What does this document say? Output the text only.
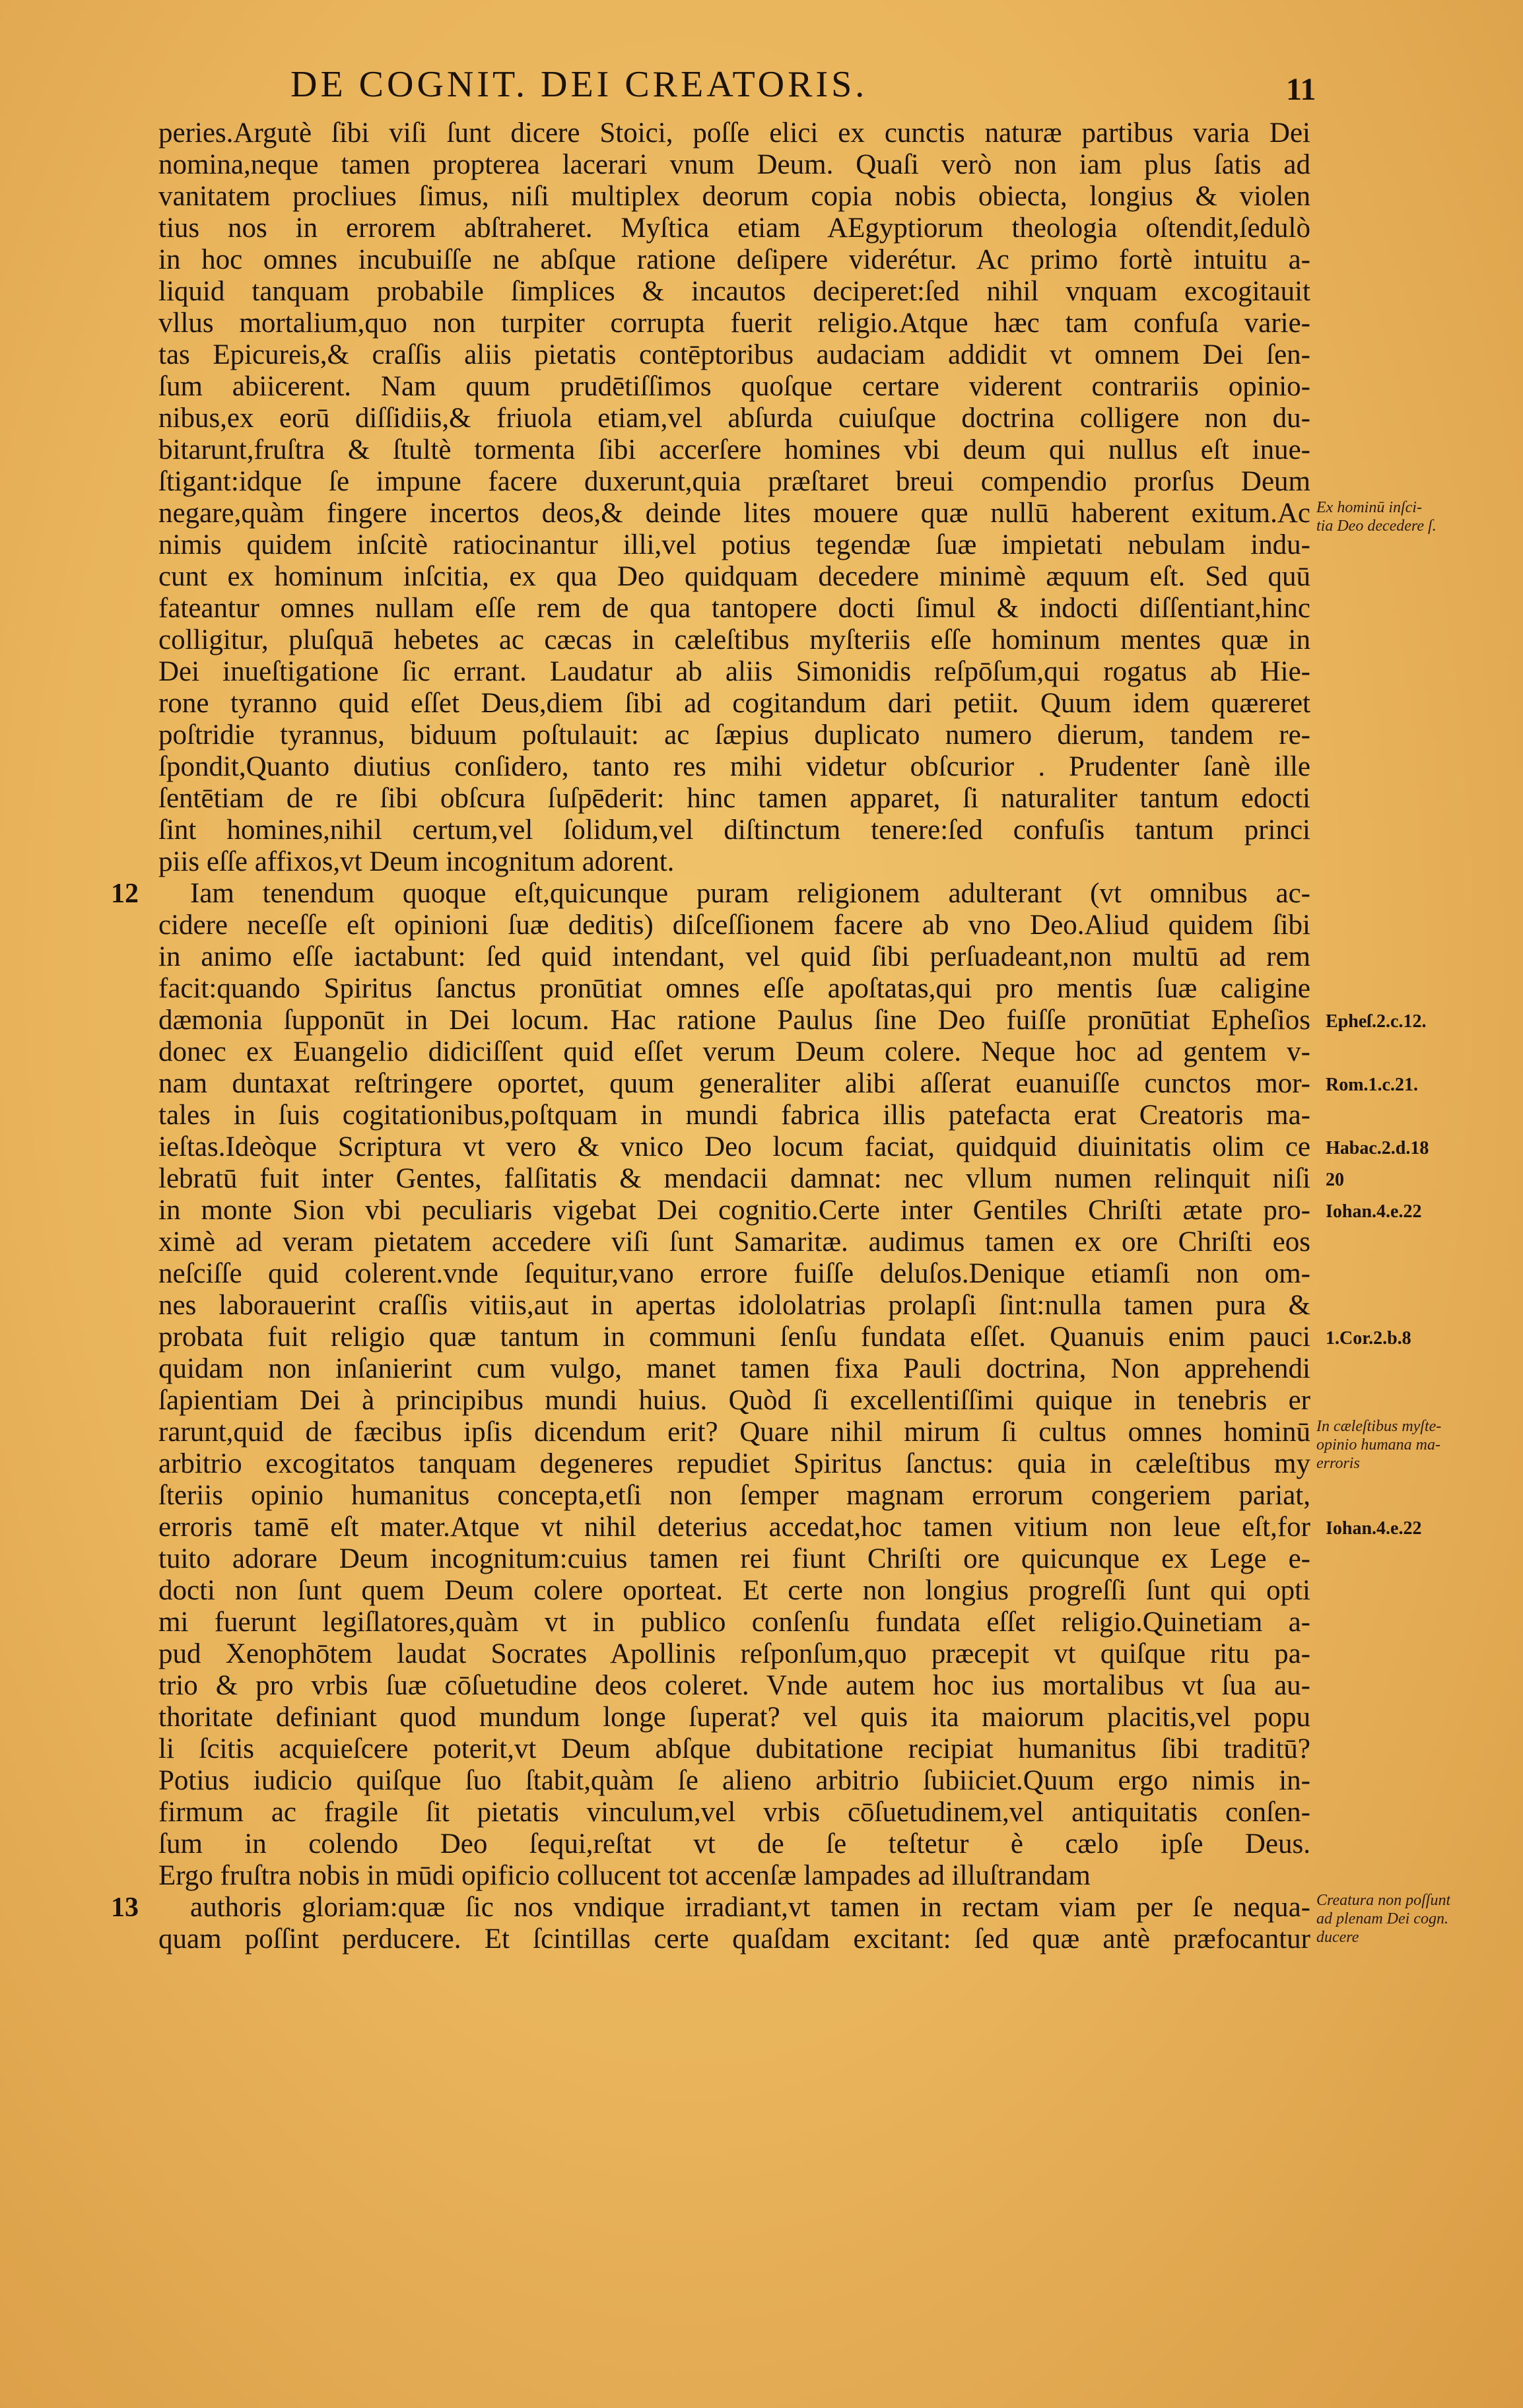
DE COGNIT. DEI CREATORIS.	11
peries.Argutè ſibi viſi ſunt dicere Stoici, poſſe elici ex cunctis naturæ partibus varia Dei
nomina,neque tamen propterea lacerari vnum Deum. Quaſi verò non iam plus ſatis ad
vanitatem procliues ſimus, niſi multiplex deorum copia nobis obiecta, longius & violen
tius nos in errorem abſtraheret. Myſtica etiam AEgyptiorum theologia oſtendit,ſedulò
in hoc omnes incubuiſſe ne abſque ratione deſipere viderétur. Ac primo fortè intuitu a-
liquid tanquam probabile ſimplices & incautos deciperet:ſed nihil vnquam excogitauit
vllus mortalium,quo non turpiter corrupta fuerit religio.Atque hæc tam confuſa varie-
tas Epicureis,& craſſis aliis pietatis contēptoribus audaciam addidit vt omnem Dei ſen-
ſum abiicerent. Nam quum prudētiſſimos quoſque certare viderent contrariis opinio-
nibus,ex eorū diſſidiis,& friuola etiam,vel abſurda cuiuſque doctrina colligere non du-
bitarunt,fruſtra & ſtultè tormenta ſibi accerſere homines vbi deum qui nullus eſt inue-
ſtigant:idque ſe impune facere duxerunt,quia præſtaret breui compendio prorſus Deum
negare,quàm fingere incertos deos,& deinde lites mouere quæ nullū haberent exitum.Ac
nimis quidem inſcitè ratiocinantur illi,vel potius tegendæ ſuæ impietati nebulam indu-
cunt ex hominum inſcitia, ex qua Deo quidquam decedere minimè æquum eſt. Sed quū
fateantur omnes nullam eſſe rem de qua tantopere docti ſimul & indocti diſſentiant,hinc
colligitur, pluſquā hebetes ac cæcas in cæleſtibus myſteriis eſſe hominum mentes quæ in
Dei inueſtigatione ſic errant. Laudatur ab aliis Simonidis reſpōſum,qui rogatus ab Hie-
rone tyranno quid eſſet Deus,diem ſibi ad cogitandum dari petiit. Quum idem quæreret
poſtridie tyrannus, biduum poſtulauit: ac ſæpius duplicato numero dierum, tandem re-
ſpondit,Quanto diutius conſidero, tanto res mihi videtur obſcurior . Prudenter ſanè ille
ſentētiam de re ſibi obſcura ſuſpēderit: hinc tamen apparet, ſi naturaliter tantum edocti
ſint homines,nihil certum,vel ſolidum,vel diſtinctum tenere:ſed confuſis tantum princi
piis eſſe affixos,vt Deum incognitum adorent.
Iam tenendum quoque eſt,quicunque puram religionem adulterant (vt omnibus ac-
cidere neceſſe eſt opinioni ſuæ deditis) diſceſſionem facere ab vno Deo.Aliud quidem ſibi
in animo eſſe iactabunt: ſed quid intendant, vel quid ſibi perſuadeant,non multū ad rem
facit:quando Spiritus ſanctus pronūtiat omnes eſſe apoſtatas,qui pro mentis ſuæ caligine
dæmonia ſupponūt in Dei locum. Hac ratione Paulus ſine Deo fuiſſe pronūtiat Epheſios
donec ex Euangelio didiciſſent quid eſſet verum Deum colere. Neque hoc ad gentem v-
nam duntaxat reſtringere oportet, quum generaliter alibi aſſerat euanuiſſe cunctos mor-
tales in ſuis cogitationibus,poſtquam in mundi fabrica illis patefacta erat Creatoris ma-
ieſtas.Ideòque Scriptura vt vero & vnico Deo locum faciat, quidquid diuinitatis olim ce
lebratū fuit inter Gentes, falſitatis & mendacii damnat: nec vllum numen relinquit niſi
in monte Sion vbi peculiaris vigebat Dei cognitio.Certe inter Gentiles Chriſti ætate pro-
ximè ad veram pietatem accedere viſi ſunt Samaritæ. audimus tamen ex ore Chriſti eos
neſciſſe quid colerent.vnde ſequitur,vano errore fuiſſe deluſos.Denique etiamſi non om-
nes laborauerint craſſis vitiis,aut in apertas idololatrias prolapſi ſint:nulla tamen pura &
probata fuit religio quæ tantum in communi ſenſu fundata eſſet. Quanuis enim pauci
quidam non inſanierint cum vulgo, manet tamen fixa Pauli doctrina, Non apprehendi
ſapientiam Dei à principibus mundi huius. Quòd ſi excellentiſſimi quique in tenebris er
rarunt,quid de fæcibus ipſis dicendum erit? Quare nihil mirum ſi cultus omnes hominū
arbitrio excogitatos tanquam degeneres repudiet Spiritus ſanctus: quia in cæleſtibus my
ſteriis opinio humanitus concepta,etſi non ſemper magnam errorum congeriem pariat,
erroris tamē eſt mater.Atque vt nihil deterius accedat,hoc tamen vitium non leue eſt,for
tuito adorare Deum incognitum:cuius tamen rei fiunt Chriſti ore quicunque ex Lege e-
docti non ſunt quem Deum colere oporteat. Et certe non longius progreſſi ſunt qui opti
mi fuerunt legiſlatores,quàm vt in publico conſenſu fundata eſſet religio.Quinetiam a-
pud Xenophōtem laudat Socrates Apollinis reſponſum,quo præcepit vt quiſque ritu pa-
trio & pro vrbis ſuæ cōſuetudine deos coleret. Vnde autem hoc ius mortalibus vt ſua au-
thoritate definiant quod mundum longe ſuperat? vel quis ita maiorum placitis,vel popu
li ſcitis acquieſcere poterit,vt Deum abſque dubitatione recipiat humanitus ſibi traditū?
Potius iudicio quiſque ſuo ſtabit,quàm ſe alieno arbitrio ſubiiciet.Quum ergo nimis in-
firmum ac fragile ſit pietatis vinculum,vel vrbis cōſuetudinem,vel antiquitatis conſen-
ſum in colendo Deo ſequi,reſtat vt de ſe teſtetur è cælo ipſe Deus.
Ergo fruſtra nobis in mūdi opificio collucent tot accenſæ lampades ad illuſtrandam
authoris gloriam:quæ ſic nos vndique irradiant,vt tamen in rectam viam per ſe nequa-
quam poſſint perducere. Et ſcintillas certe quaſdam excitant: ſed quæ antè præfocantur
12
13
Epheſ.2.c.12.
Rom.1.c.21.
Habac.2.d.18
20
Iohan.4.e.22
1.Cor.2.b.8
Iohan.4.e.22
Ex hominū inſci-
tia Deo decedere ſ.
In cæleſtibus myſte-
opinio humana ma-
erroris
Creatura non poſſunt
ad plenam Dei cogn.
ducere
